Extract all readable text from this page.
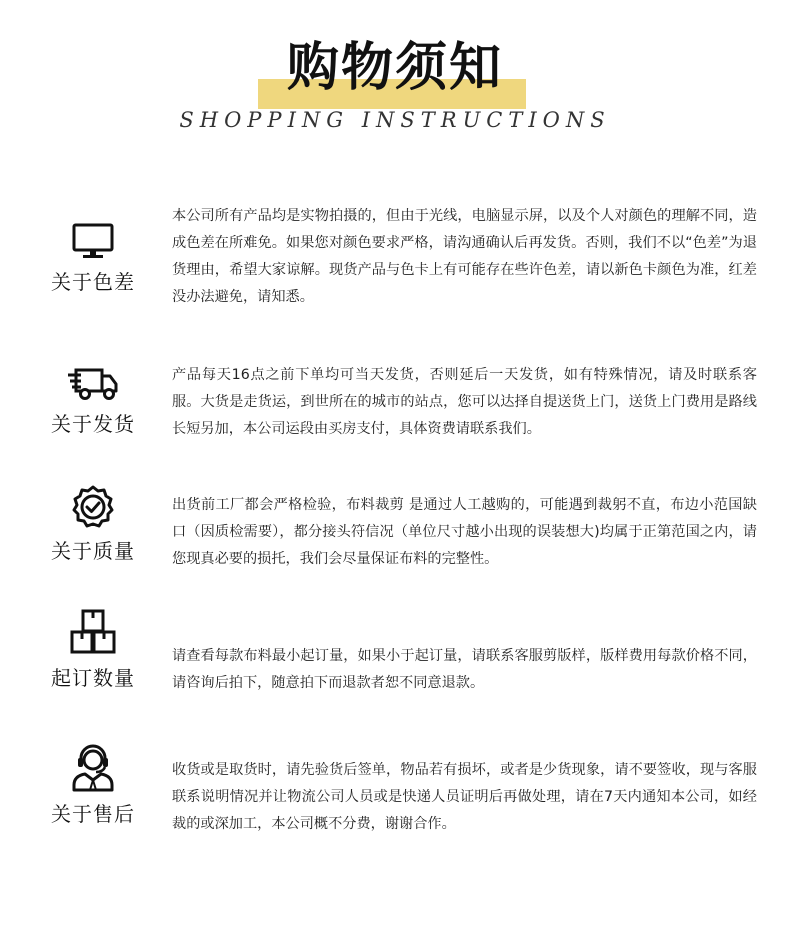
购物须知
SHOPPING INSTRUCTIONS
关于色差
本公司所有产品均是实物拍摄的，但由于光线，电脑显示屏，以及个人对颜色的理解不同，造成色差在所难免。如果您对颜色要求严格，请沟通确认后再发货。否则，我们不以“色差”为退货理由，希望大家谅解。现货产品与色卡上有可能存在些许色差，请以新色卡颜色为准，红差没办法避免，请知悉。
关于发货
产品每天16点之前下单均可当天发货，否则延后一天发货，如有特殊情况，请及时联系客服。大货是走货运，到世所在的城市的站点，您可以达择自提送货上门，送货上门费用是路线长短另加，本公司运段由买房支付，具体资费请联系我们。
关于质量
出货前工厂都会严格检验，布料裁剪 是通过人工越购的，可能遇到裁躬不直，布边小范国缺口（因质检需要），都分接头符信况（单位尺寸越小出现的误装想大)均属于正第范国之内，请您现真必要的损托，我们会尽量保证布料的完整性。
起订数量
请查看每款布料最小起订量，如果小于起订量，请联系客服剪版样，版样费用每款价格不同，请咨询后拍下，随意拍下而退款者恕不同意退款。
关于售后
收货或是取货时，请先验货后签单，物品若有损坏，或者是少货现象，请不要签收，现与客服联系说明情况并让物流公司人员或是快递人员证明后再做处理，请在7天内通知本公司，如经裁的或深加工，本公司概不分费，谢谢合作。
